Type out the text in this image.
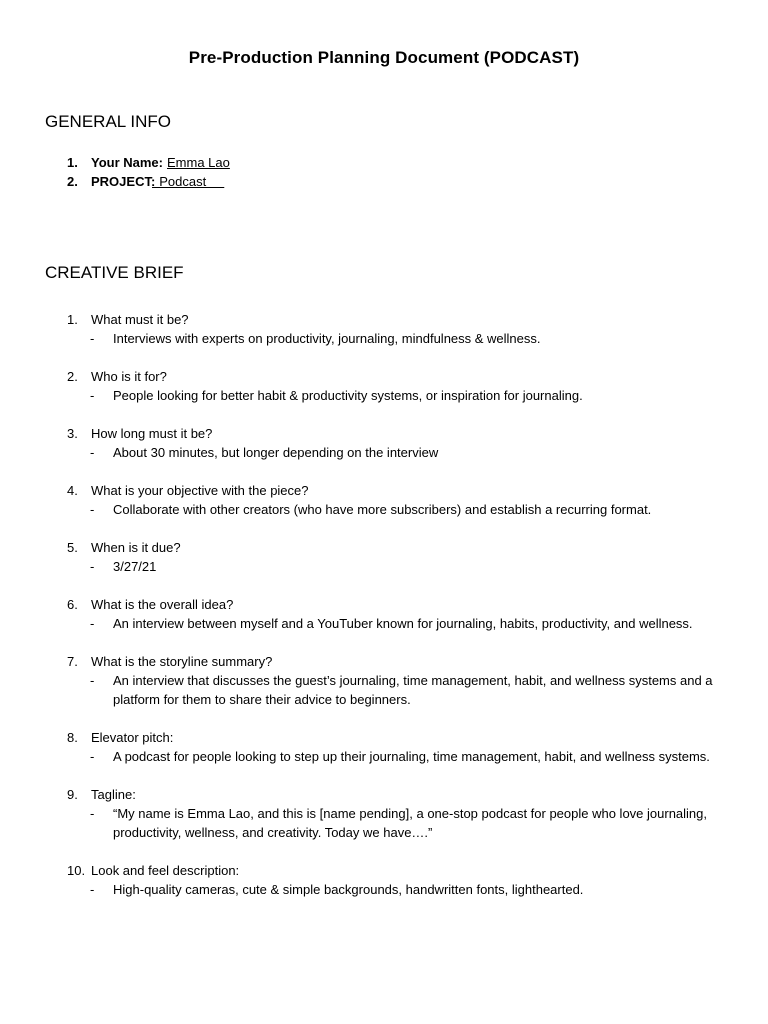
Pre-Production Planning Document (PODCAST)
GENERAL INFO
1.	Your Name: Emma Lao
2.	PROJECT:
Podcast
CREATIVE BRIEF
1.	What must it be?
- Interviews with experts on productivity, journaling, mindfulness & wellness.
2.	Who is it for?
- People looking for better habit & productivity systems, or inspiration for journaling.
3.	How long must it be?
- About 30 minutes, but longer depending on the interview
4.	What is your objective with the piece?
- Collaborate with other creators (who have more subscribers) and establish a recurring format.
5.	When is it due?
- 3/27/21
6.	What is the overall idea?
- An interview between myself and a YouTuber known for journaling, habits, productivity, and wellness.
7.	What is the storyline summary?
- An interview that discusses the guest’s journaling, time management, habit, and wellness systems and a platform for them to share their advice to beginners.
8.	Elevator pitch:
- A podcast for people looking to step up their journaling, time management, habit, and wellness systems.
9.	Tagline:
- “My name is Emma Lao, and this is [name pending], a one-stop podcast for people who love journaling, productivity, wellness, and creativity. Today we have….”
10. Look and feel description:
- High-quality cameras, cute & simple backgrounds, handwritten fonts, lighthearted.
